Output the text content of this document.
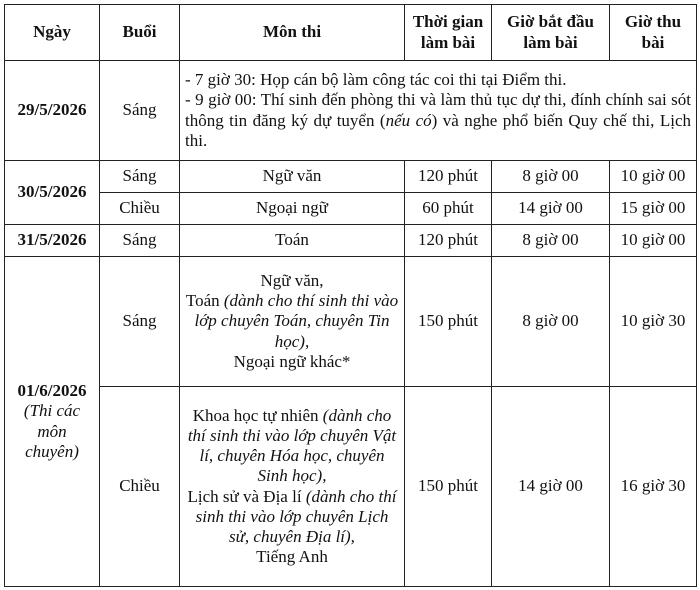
Ngày	Buổi	Môn thi	Thời gian làm bài	Giờ bắt đầu làm bài	Giờ thu bài
29/5/2026	Sáng	- 7 giờ 30: Họp cán bộ làm công tác coi thi tại Điểm thi.
- 9 giờ 00: Thí sinh đến phòng thi và làm thủ tục dự thi, đính chính sai sót thông tin đăng ký dự tuyển (nếu có) và nghe phổ biến Quy chế thi, Lịch thi.			

30/5/2026	Sáng	Ngữ văn	120 phút	8 giờ 00	10 giờ 00
	Chiều	Ngoại ngữ	60 phút	14 giờ 00	15 giờ 00
31/5/2026	Sáng	Toán	120 phút	8 giờ 00	10 giờ 00

01/6/2026
(Thi các môn chuyên)	Sáng	Ngữ văn,
Toán (dành cho thí sinh thi vào lớp chuyên Toán, chuyên Tin học),
Ngoại ngữ khác*	150 phút	8 giờ 00	10 giờ 30
	Chiều	Khoa học tự nhiên (dành cho thí sinh thi vào lớp chuyên Vật lí, chuyên Hóa học, chuyên Sinh học),
Lịch sử và Địa lí (dành cho thí sinh thi vào lớp chuyên Lịch sử, chuyên Địa lí),
Tiếng Anh	150 phút	14 giờ 00	16 giờ 30
